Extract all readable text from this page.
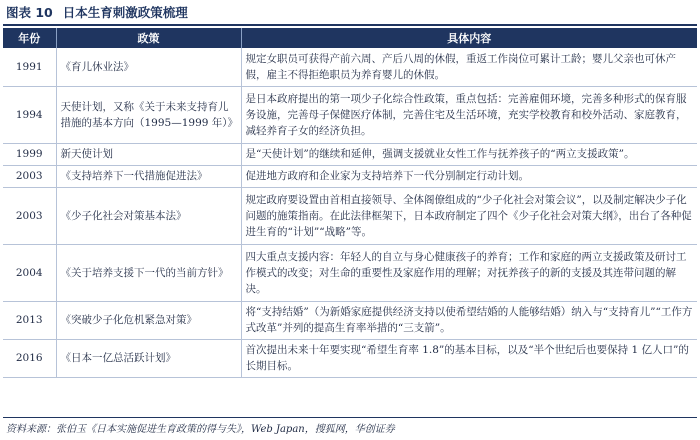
图表 10 日本生育刺激政策梳理
年份	政策	具体内容
1991	《育儿休业法》	规定女职员可获得产前六周、产后八周的休假，重返工作岗位可累计工龄；婴儿父亲也可休产假，雇主不得拒绝职员为养育婴儿的休假。
1994	天使计划，又称《关于未来支持育儿措施的基本方向（1995—1999 年）》	是日本政府提出的第一项少子化综合性政策，重点包括：完善雇佣环境，完善多种形式的保育服务设施，完善母子保健医疗体制，完善住宅及生活环境，充实学校教育和校外活动、家庭教育，减轻养育子女的经济负担。
1999	新天使计划	是“天使计划”的继续和延伸，强调支援就业女性工作与抚养孩子的“两立支援政策”。
2003	《支持培养下一代措施促进法》	促进地方政府和企业家为支持培养下一代分别制定行动计划。
2003	《少子化社会对策基本法》	规定政府要设置由首相直接领导、全体阁僚组成的“少子化社会对策会议”，以及制定解决少子化问题的施策指南。在此法律框架下，日本政府制定了四个《少子化社会对策大纲》，出台了各种促进生育的“计划”“战略”等。
2004	《关于培养支援下一代的当前方针》	四大重点支援内容：年轻人的自立与身心健康孩子的养育；工作和家庭的两立支援政策及研讨工作模式的改变；对生命的重要性及家庭作用的理解；对抚养孩子的新的支援及其连带问题的解决。
2013	《突破少子化危机紧急对策》	将“支持结婚”（为新婚家庭提供经济支持以使希望结婚的人能够结婚）纳入与“支持育儿”“工作方式改革”并列的提高生育率举措的“三支箭”。
2016	《日本一亿总活跃计划》	首次提出未来十年要实现“希望生育率 1.8”的基本目标，以及“半个世纪后也要保持 1 亿人口”的长期目标。
资料来源：张伯玉《日本实施促进生育政策的得与失》，Web Japan，搜狐网，华创证券
